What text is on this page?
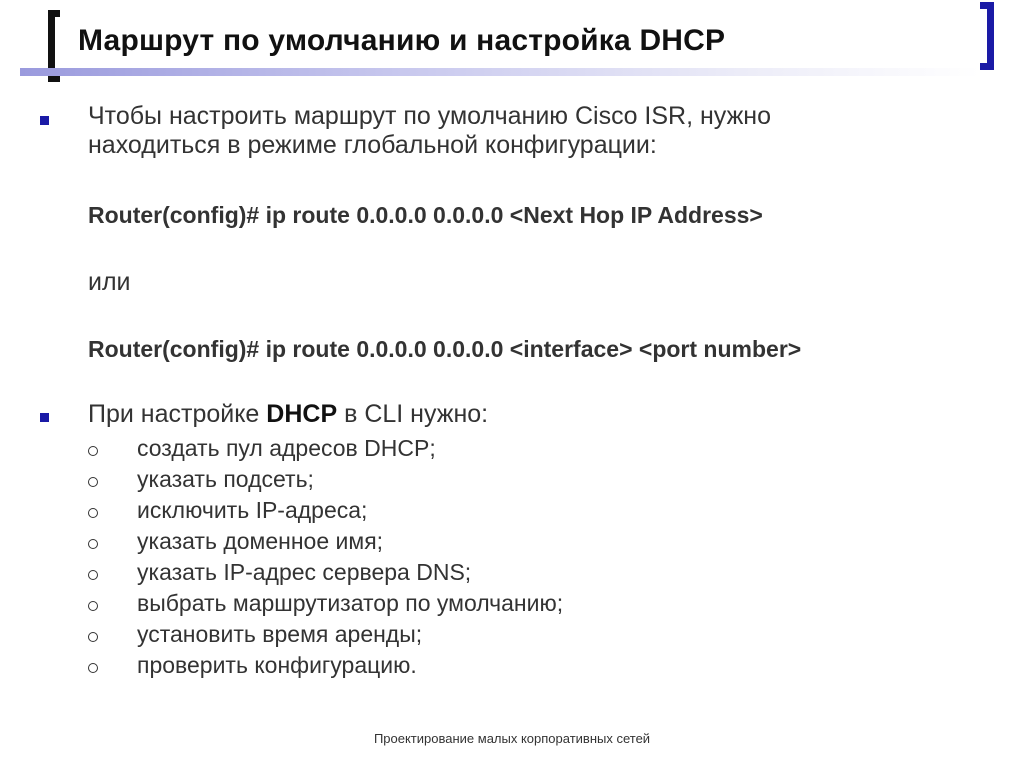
Маршрут по умолчанию и настройка DHCP
Чтобы настроить маршрут по умолчанию Cisco ISR, нужно
находиться в режиме глобальной конфигурации:
Router(config)# ip route 0.0.0.0 0.0.0.0 <Next Hop IP Address>
или
Router(config)# ip route 0.0.0.0 0.0.0.0 <interface> <port number>
При настройке DHCP в CLI нужно:
создать пул адресов DHCP;
указать подсеть;
исключить IP-адреса;
указать доменное имя;
указать IP-адрес сервера DNS;
выбрать маршрутизатор по умолчанию;
установить время аренды;
проверить конфигурацию.
Проектирование малых корпоративных сетей
